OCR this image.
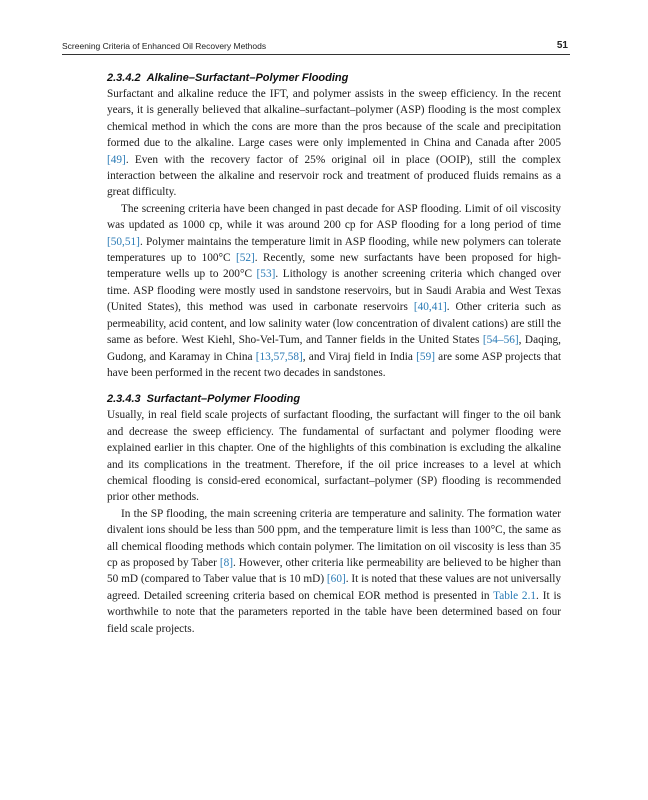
Screening Criteria of Enhanced Oil Recovery Methods	51
2.3.4.2 Alkaline–Surfactant–Polymer Flooding

Surfactant and alkaline reduce the IFT, and polymer assists in the sweep efficiency. In the recent years, it is generally believed that alkaline–surfactant–polymer (ASP) flooding is the most complex chemical method in which the cons are more than the pros because of the scale and precipitation formed due to the alkaline. Large cases were only implemented in China and Canada after 2005 [49]. Even with the recovery factor of 25% original oil in place (OOIP), still the complex interaction between the alkaline and reservoir rock and treatment of produced fluids remains as a great difficulty.

The screening criteria have been changed in past decade for ASP flooding. Limit of oil viscosity was updated as 1000 cp, while it was around 200 cp for ASP flooding for a long period of time [50,51]. Polymer maintains the temperature limit in ASP flooding, while new polymers can tolerate temperatures up to 100°C [52]. Recently, some new surfactants have been proposed for high-temperature wells up to 200°C [53]. Lithology is another screening criteria which changed over time. ASP flooding were mostly used in sandstone reservoirs, but in Saudi Arabia and West Texas (United States), this method was used in carbonate reservoirs [40,41]. Other criteria such as permeability, acid content, and low salinity water (low concentration of divalent cations) are still the same as before. West Kiehl, Sho-Vel-Tum, and Tanner fields in the United States [54–56], Daqing, Gudong, and Karamay in China [13,57,58], and Viraj field in India [59] are some ASP projects that have been performed in the recent two decades in sandstones.

2.3.4.3 Surfactant–Polymer Flooding

Usually, in real field scale projects of surfactant flooding, the surfactant will finger to the oil bank and decrease the sweep efficiency. The fundamental of surfactant and polymer flooding were explained earlier in this chapter. One of the highlights of this combination is excluding the alkaline and its complications in the treatment. Therefore, if the oil price increases to a level at which chemical flooding is consid-ered economical, surfactant–polymer (SP) flooding is recommended prior other methods.

In the SP flooding, the main screening criteria are temperature and salinity. The formation water divalent ions should be less than 500 ppm, and the temperature limit is less than 100°C, the same as all chemical flooding methods which contain polymer. The limitation on oil viscosity is less than 35 cp as proposed by Taber [8]. However, other criteria like permeability are believed to be higher than 50 mD (compared to Taber value that is 10 mD) [60]. It is noted that these values are not universally agreed. Detailed screening criteria based on chemical EOR method is presented in Table 2.1. It is worthwhile to note that the parameters reported in the table have been determined based on four field scale projects.
